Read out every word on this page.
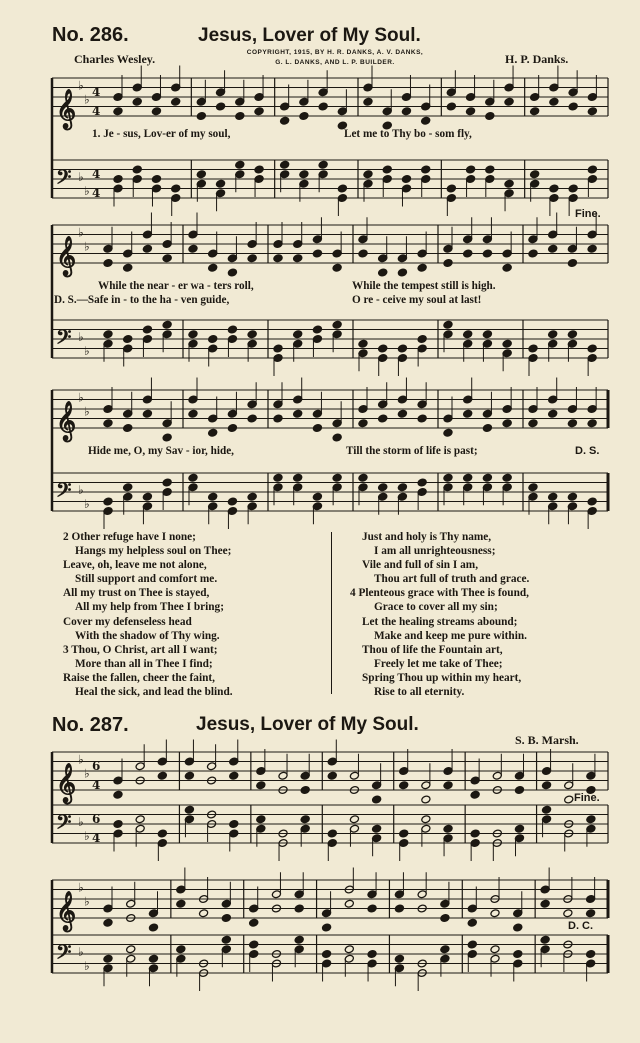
No. 286.	Jesus, Lover of My Soul.
Charles Wesley.	COPYRIGHT, 1915, BY H. R. DANKS, A. V. DANKS,
G. L. DANKS, AND L. P. BUILDER.	H. P. Danks.
𝄞
𝄢
♭
♭
♭
♭
4
4
4
4
𝄞
𝄢
♭
♭
♭
♭
𝄞
𝄢
♭
♭
♭
♭
𝄞
𝄢
♭
♭
♭
♭
6
4
6
4
𝄞
𝄢
♭
♭
♭
♭
1. Je - sus, Lov-er of my soul,	Let me to Thy bo - som fly,
While the near - er wa - ters roll,	While the tempest still is high.
D. S.—Safe in - to the ha - ven guide,	O re - ceive my soul at last!
Hide me, O, my Sav - ior, hide,	Till the storm of life is past;
Fine.
D. S.
2 Other refuge have I none;
Hangs my helpless soul on Thee;
Leave, oh, leave me not alone,
Still support and comfort me.
All my trust on Thee is stayed,
All my help from Thee I bring;
Cover my defenseless head
With the shadow of Thy wing.
3 Thou, O Christ, art all I want;
More than all in Thee I find;
Raise the fallen, cheer the faint,
Heal the sick, and lead the blind.
Just and holy is Thy name,
I am all unrighteousness;
Vile and full of sin I am,
Thou art full of truth and grace.
4 Plenteous grace with Thee is found,
Grace to cover all my sin;
Let the healing streams abound;
Make and keep me pure within.
Thou of life the Fountain art,
Freely let me take of Thee;
Spring Thou up within my heart,
Rise to all eternity.
No. 287.	Jesus, Lover of My Soul.
S. B. Marsh.
Fine.
D. C.
